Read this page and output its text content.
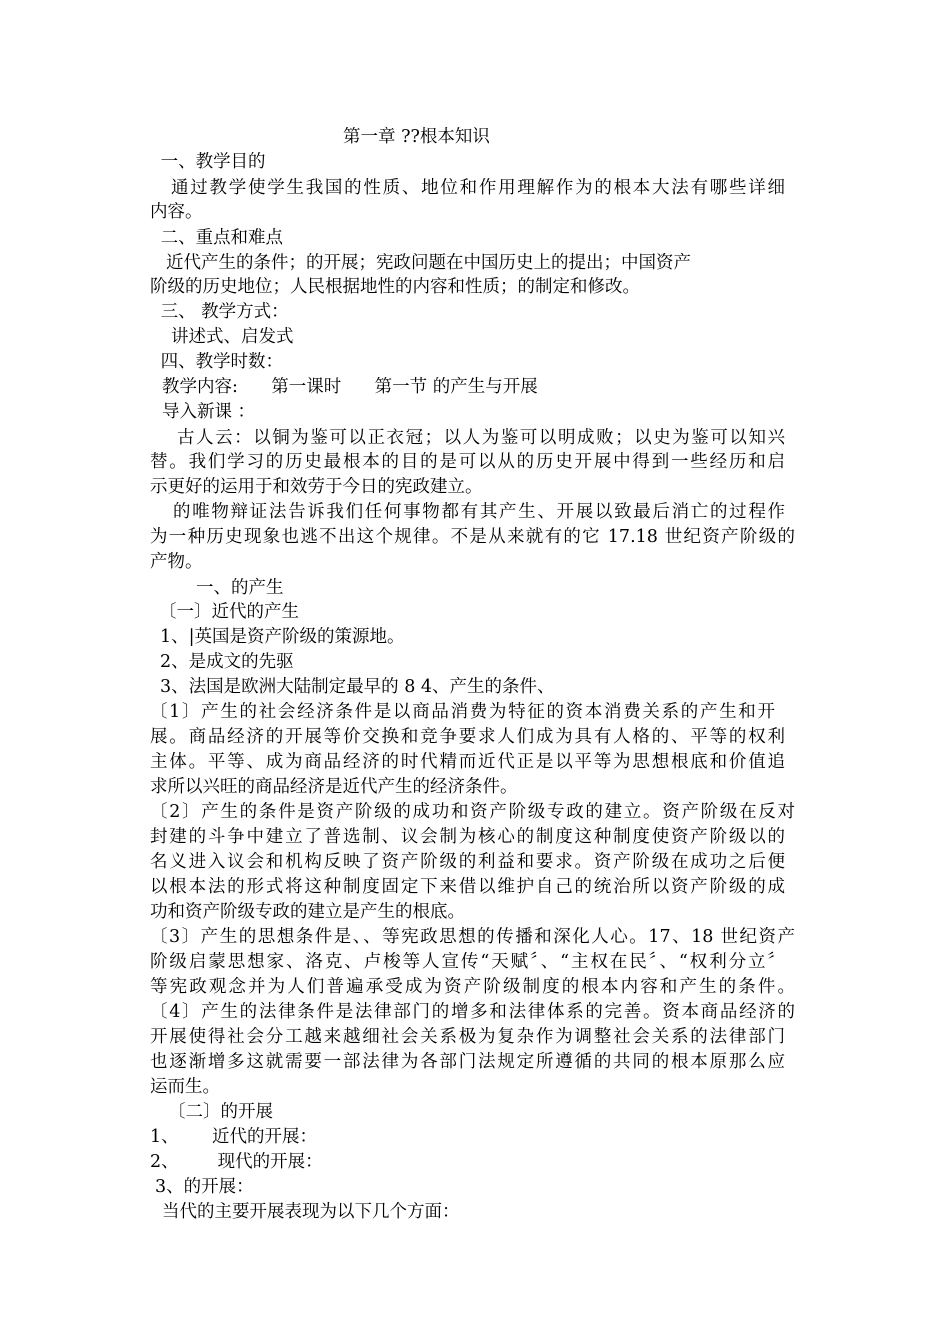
第一章 ??根本知识
一、教学目的
通过教学使学生我国的性质、地位和作用理解作为的根本大法有哪些详细
内容。
二、重点和难点
近代产生的条件；的开展；宪政问题在中国历史上的提出；中国资产
阶级的历史地位；人民根据地性的内容和性质；的制定和修改。
三、 教学方式：
讲述式、启发式
四、教学时数：
教学内容:      第一课时      第一节 的产生与开展
导入新课 ：
古人云：以铜为鉴可以正衣冠；以人为鉴可以明成败；以史为鉴可以知兴
替。我们学习的历史最根本的目的是可以从的历史开展中得到一些经历和启
示更好的运用于和效劳于今日的宪政建立。
的唯物辩证法告诉我们任何事物都有其产生、开展以致最后消亡的过程作
为一种历史现象也逃不出这个规律。不是从来就有的它 17.18 世纪资产阶级的
产物。
一、的产生
〔一〕近代的产生
1、|英国是资产阶级的策源地。
2、是成文的先驱
3、法国是欧洲大陆制定最早的 8 4、产生的条件、
〔1〕产生的社会经济条件是以商品消费为特征的资本消费关系的产生和开
展。商品经济的开展等价交换和竞争要求人们成为具有人格的、平等的权利
主体。平等、成为商品经济的时代精而近代正是以平等为思想根底和价值追
求所以兴旺的商品经济是近代产生的经济条件。
〔2〕产生的条件是资产阶级的成功和资产阶级专政的建立。资产阶级在反对
封建的斗争中建立了普选制、议会制为核心的制度这种制度使资产阶级以的
名义进入议会和机构反映了资产阶级的利益和要求。资产阶级在成功之后便
以根本法的形式将这种制度固定下来借以维护自己的统治所以资产阶级的成
功和资产阶级专政的建立是产生的根底。
〔3〕产生的思想条件是、、等宪政思想的传播和深化人心。17、18 世纪资产
阶级启蒙思想家、洛克、卢梭等人宣传“天赋〞、“主权在民〞、“权利分立〞
等宪政观念并为人们普遍承受成为资产阶级制度的根本内容和产生的条件。
〔4〕产生的法律条件是法律部门的增多和法律体系的完善。资本商品经济的
开展使得社会分工越来越细社会关系极为复杂作为调整社会关系的法律部门
也逐渐增多这就需要一部法律为各部门法规定所遵循的共同的根本原那么应
运而生。
〔二〕的开展
1、      近代的开展：
2、       现代的开展：
3、的开展：
当代的主要开展表现为以下几个方面：
